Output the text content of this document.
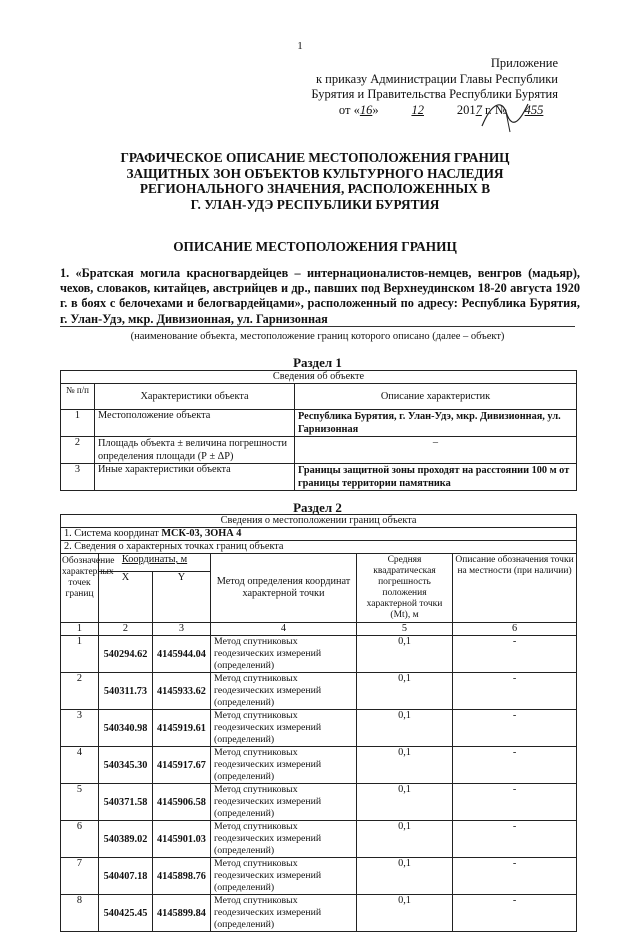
1
Приложение
к приказу Администрации Главы Республики
Бурятия и Правительства Республики Бурятия
от «16»	12	2017 г. № 455
ГРАФИЧЕСКОЕ ОПИСАНИЕ МЕСТОПОЛОЖЕНИЯ ГРАНИЦ
ЗАЩИТНЫХ ЗОН ОБЪЕКТОВ КУЛЬТУРНОГО НАСЛЕДИЯ
РЕГИОНАЛЬНОГО ЗНАЧЕНИЯ, РАСПОЛОЖЕННЫХ В
Г. УЛАН-УДЭ РЕСПУБЛИКИ БУРЯТИЯ
ОПИСАНИЕ МЕСТОПОЛОЖЕНИЯ ГРАНИЦ
1. «Братская могила красногвардейцев – интернационалистов-немцев, венгров (мадьяр), чехов, словаков, китайцев, австрийцев и др., павших под Верхнеудинском 18-20 августа 1920 г. в боях с белочехами и белогвардейцами», расположенный по адресу: Республика Бурятия, г. Улан-Удэ, мкр. Дивизионная, ул. Гарнизонная
(наименование объекта, местоположение границ которого описано (далее – объект)
Раздел 1
Сведения об объекте		
№ п/п	Характеристики объекта	Описание характеристик
1	Местоположение объекта	Республика Бурятия, г. Улан-Удэ, мкр. Дивизионная, ул. Гарнизонная
2	Площадь объекта ± величина погрешности определения площади (Р ± ΔР)	–
3	Иные характеристики объекта	Границы защитной зоны проходят на расстоянии 100 м от границы территории памятника
Раздел 2
Сведения о местоположении границ объекта					
1. Система координат МСК-03, ЗОНА 4					
2. Сведения о характерных точках границ объекта					
Обозначение характерных точек границ	Координаты, м		Метод определения координат характерной точки	Средняя квадратическая погрешность положения характерной точки (Mt), м	Описание обозначения точки на местности (при наличии)
	X	Y			
1	2	3	4	5	6
1	540294.62	4145944.04	Метод спутниковых геодезических измерений (определений)	0,1	-
2	540311.73	4145933.62	Метод спутниковых геодезических измерений (определений)	0,1	-
3	540340.98	4145919.61	Метод спутниковых геодезических измерений (определений)	0,1	-
4	540345.30	4145917.67	Метод спутниковых геодезических измерений (определений)	0,1	-
5	540371.58	4145906.58	Метод спутниковых геодезических измерений (определений)	0,1	-
6	540389.02	4145901.03	Метод спутниковых геодезических измерений (определений)	0,1	-
7	540407.18	4145898.76	Метод спутниковых геодезических измерений (определений)	0,1	-
8	540425.45	4145899.84	Метод спутниковых геодезических измерений (определений)	0,1	-
